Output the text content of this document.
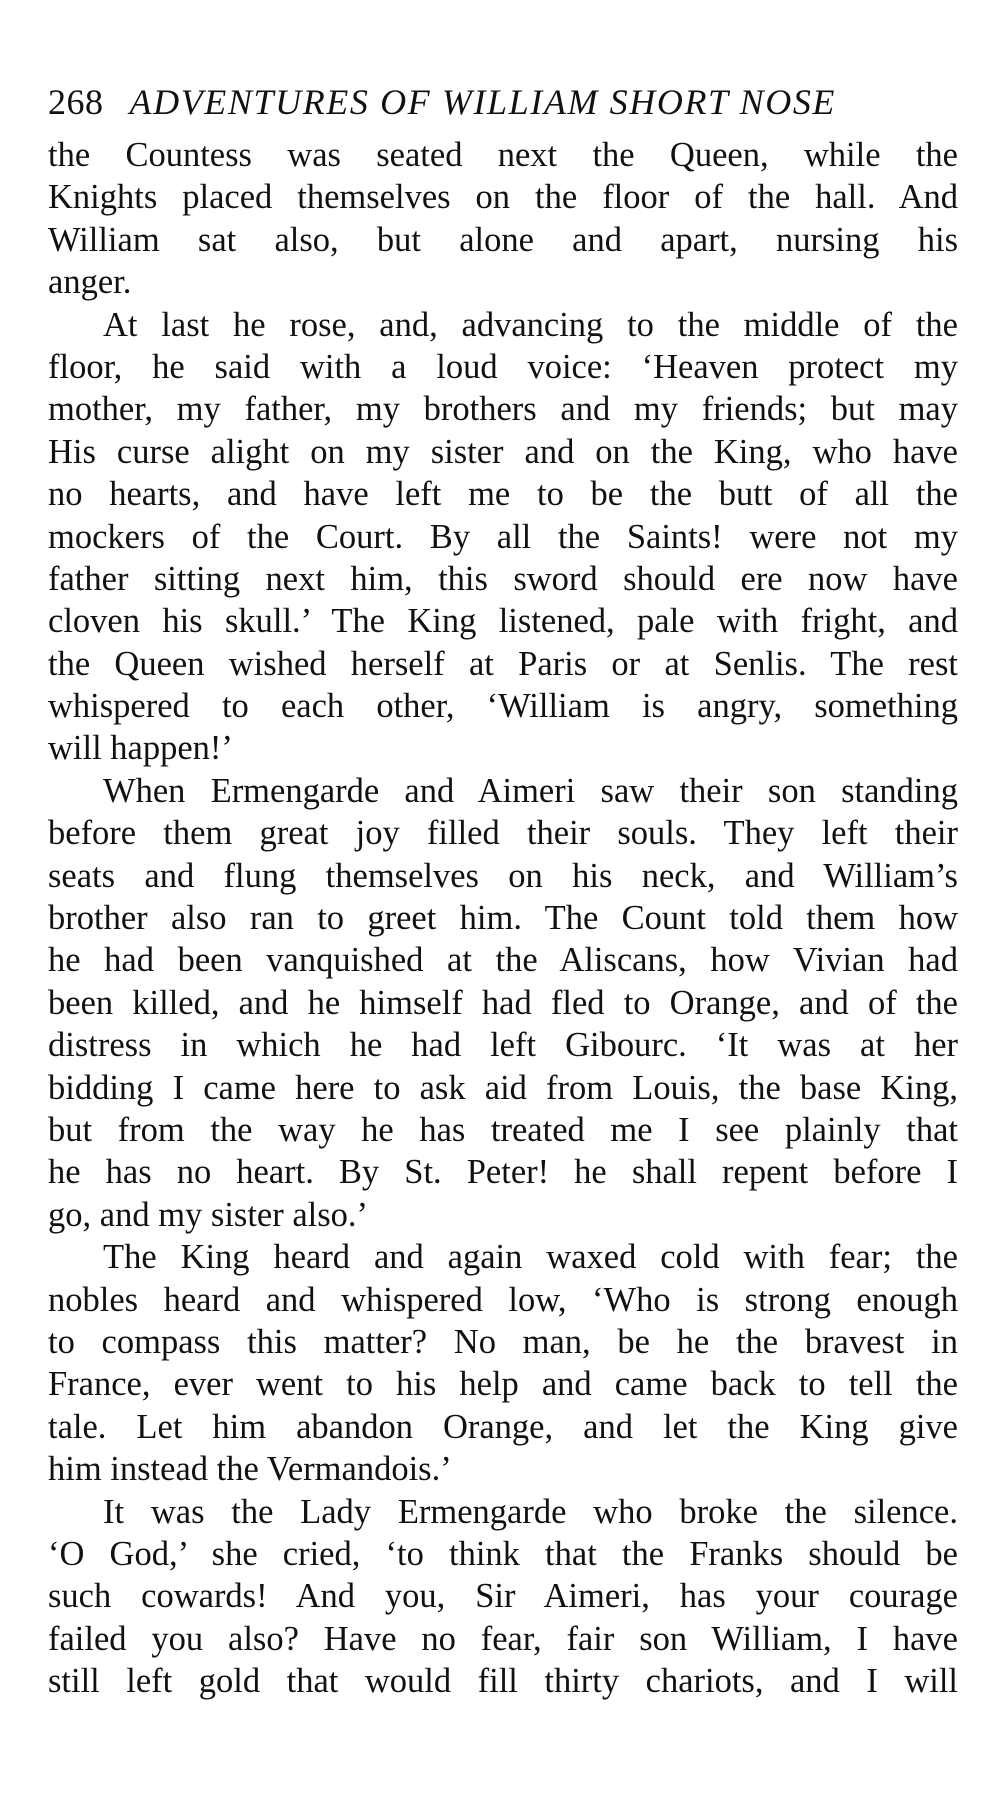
268 ADVENTURES OF WILLIAM SHORT NOSE
the Countess was seated next the Queen, while the
Knights placed themselves on the floor of the hall. And
William sat also, but alone and apart, nursing his
anger.
At last he rose, and, advancing to the middle of the
floor, he said with a loud voice: ‘Heaven protect my
mother, my father, my brothers and my friends; but may
His curse alight on my sister and on the King, who have
no hearts, and have left me to be the butt of all the
mockers of the Court. By all the Saints! were not my
father sitting next him, this sword should ere now have
cloven his skull.’ The King listened, pale with fright, and
the Queen wished herself at Paris or at Senlis. The rest
whispered to each other, ‘William is angry, something
will happen!’
When Ermengarde and Aimeri saw their son standing
before them great joy filled their souls. They left their
seats and flung themselves on his neck, and William’s
brother also ran to greet him. The Count told them how
he had been vanquished at the Aliscans, how Vivian had
been killed, and he himself had fled to Orange, and of the
distress in which he had left Gibourc. ‘It was at her
bidding I came here to ask aid from Louis, the base King,
but from the way he has treated me I see plainly that
he has no heart. By St. Peter! he shall repent before I
go, and my sister also.’
The King heard and again waxed cold with fear; the
nobles heard and whispered low, ‘Who is strong enough
to compass this matter? No man, be he the bravest in
France, ever went to his help and came back to tell the
tale. Let him abandon Orange, and let the King give
him instead the Vermandois.’
It was the Lady Ermengarde who broke the silence.
‘O God,’ she cried, ‘to think that the Franks should be
such cowards! And you, Sir Aimeri, has your courage
failed you also? Have no fear, fair son William, I have
still left gold that would fill thirty chariots, and I will
